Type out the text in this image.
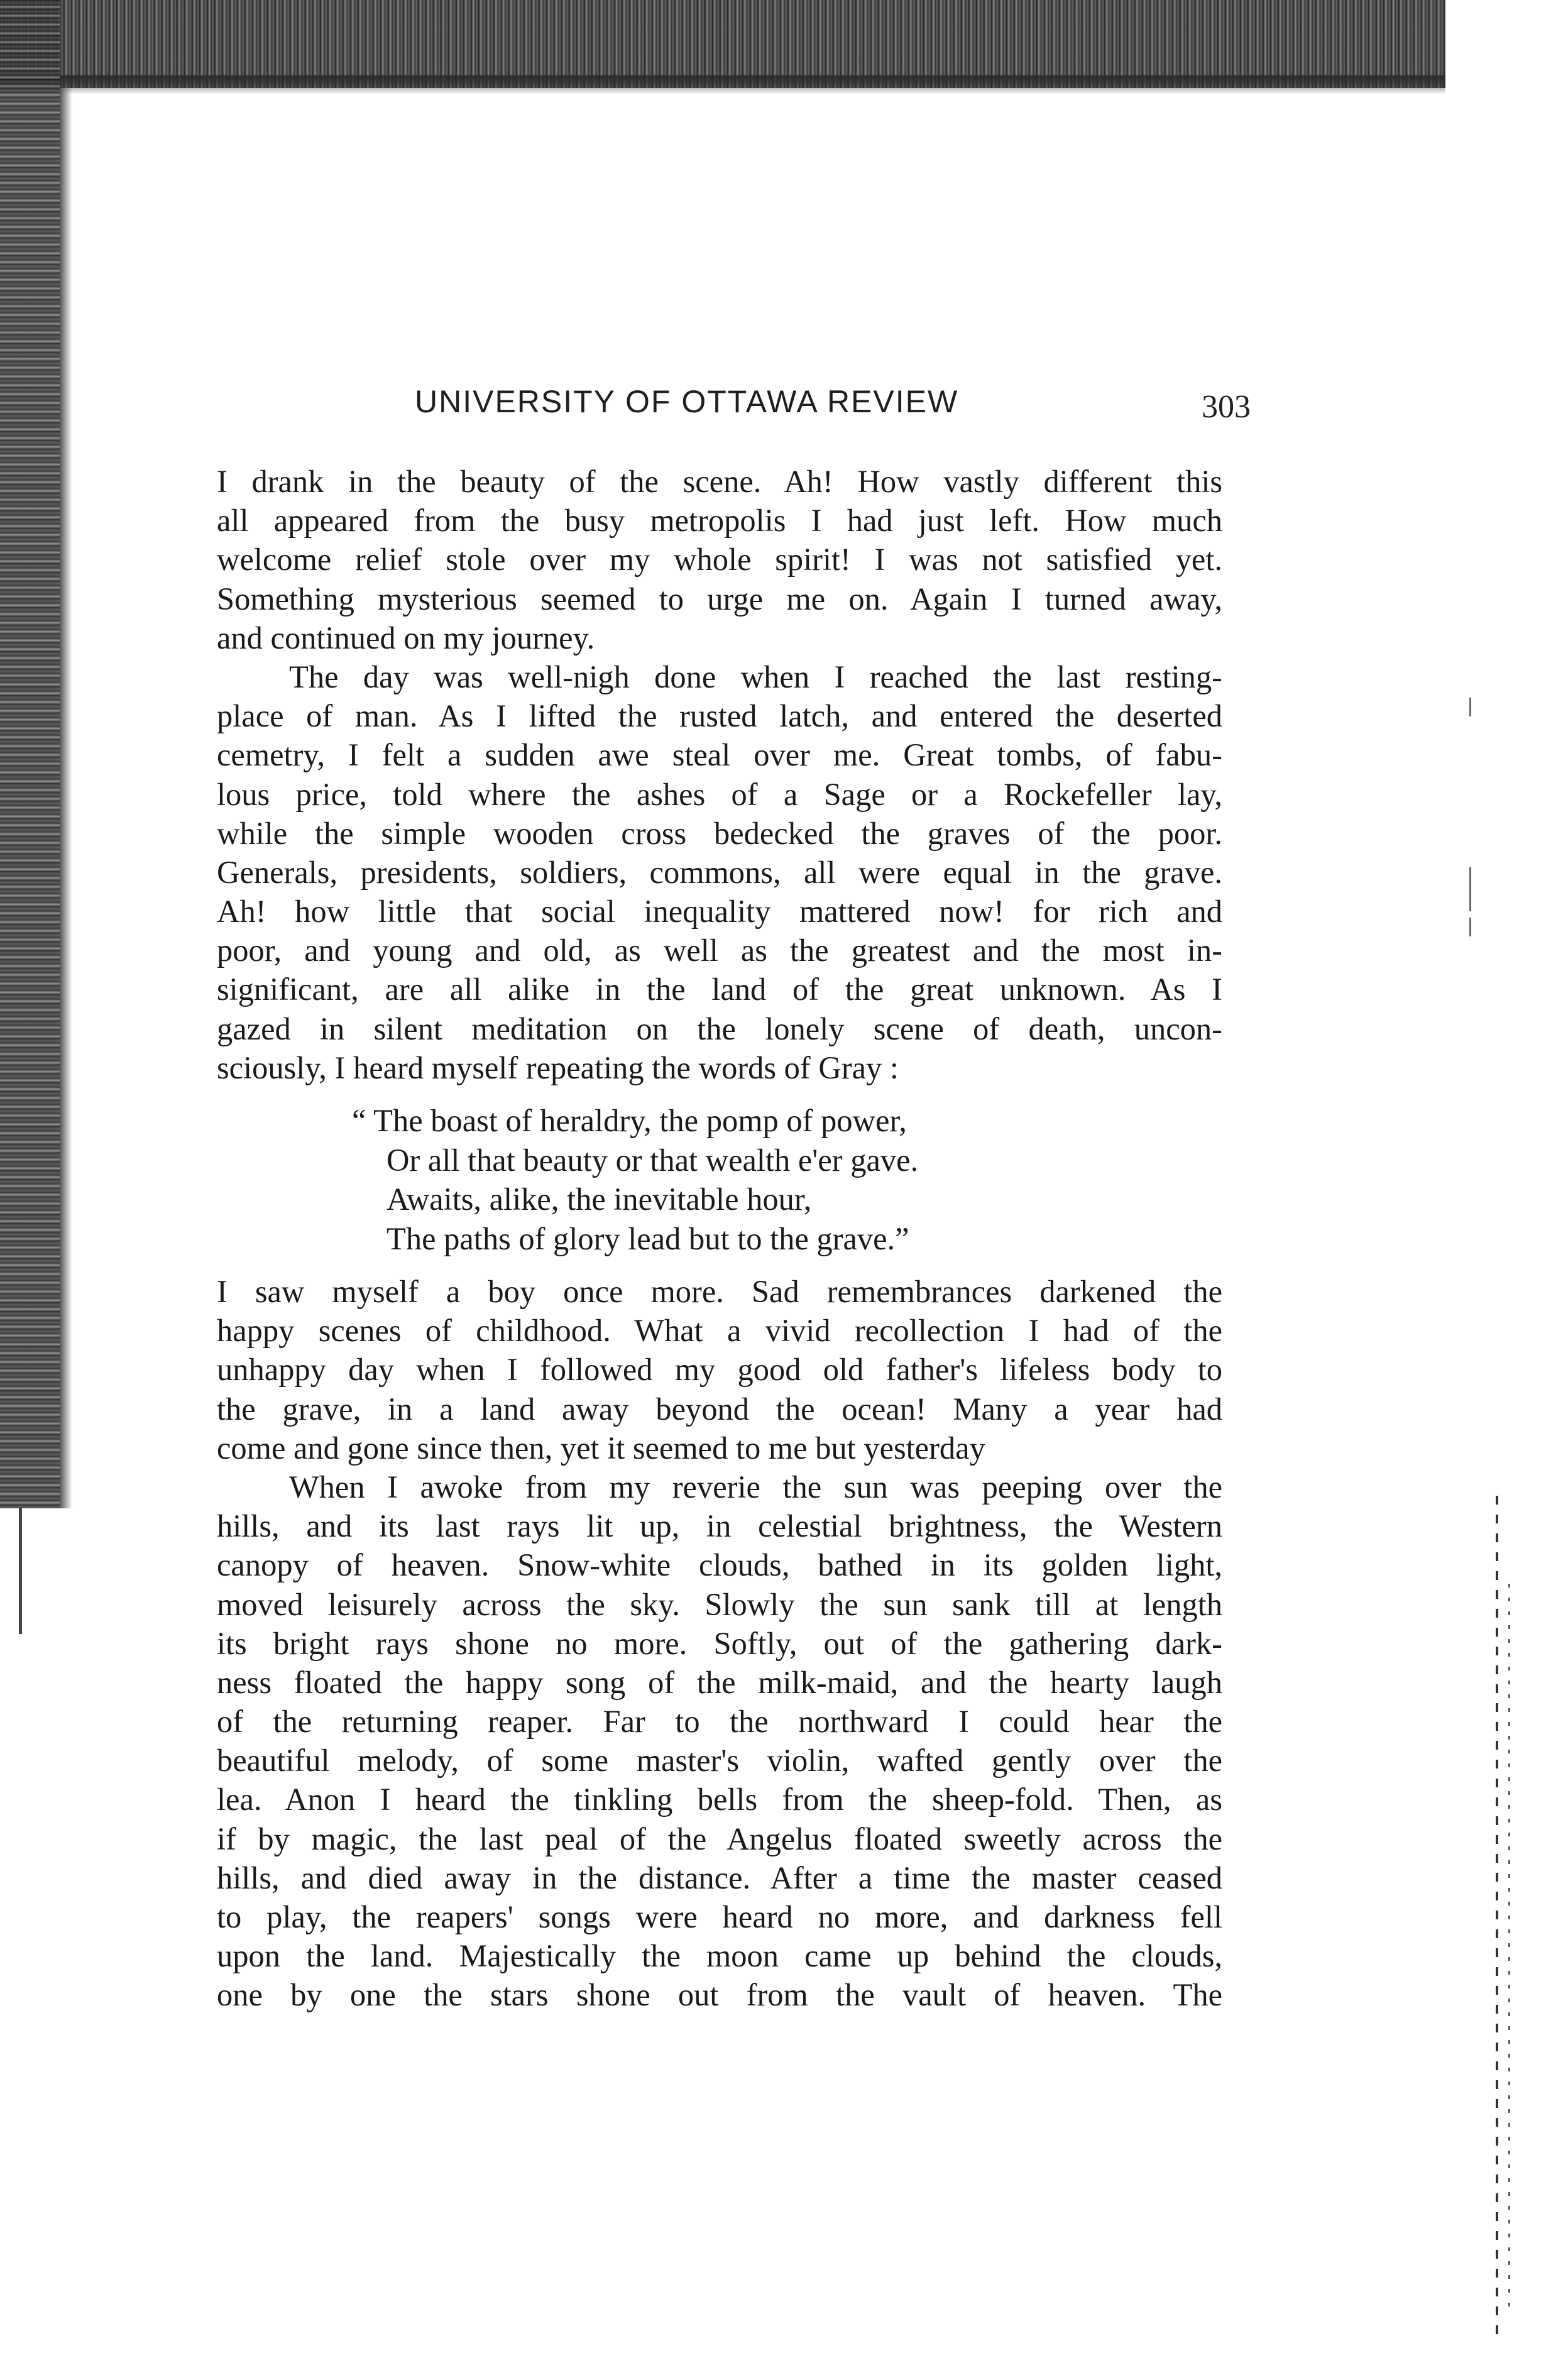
UNIVERSITY OF OTTAWA REVIEW	303
I drank in the beauty of the scene. Ah! How vastly different this
all appeared from the busy metropolis I had just left. How much
welcome relief stole over my whole spirit! I was not satisfied yet.
Something mysterious seemed to urge me on. Again I turned away,
and continued on my journey.
The day was well-nigh done when I reached the last resting-
place of man. As I lifted the rusted latch, and entered the deserted
cemetry, I felt a sudden awe steal over me. Great tombs, of fabu-
lous price, told where the ashes of a Sage or a Rockefeller lay,
while the simple wooden cross bedecked the graves of the poor.
Generals, presidents, soldiers, commons, all were equal in the grave.
Ah! how little that social inequality mattered now! for rich and
poor, and young and old, as well as the greatest and the most in-
significant, are all alike in the land of the great unknown. As I
gazed in silent meditation on the lonely scene of death, uncon-
sciously, I heard myself repeating the words of Gray :
“ The boast of heraldry, the pomp of power,
Or all that beauty or that wealth e'er gave.
Awaits, alike, the inevitable hour,
The paths of glory lead but to the grave.”
I saw myself a boy once more. Sad remembrances darkened the
happy scenes of childhood. What a vivid recollection I had of the
unhappy day when I followed my good old father's lifeless body to
the grave, in a land away beyond the ocean! Many a year had
come and gone since then, yet it seemed to me but yesterday
When I awoke from my reverie the sun was peeping over the
hills, and its last rays lit up, in celestial brightness, the Western
canopy of heaven. Snow-white clouds, bathed in its golden light,
moved leisurely across the sky. Slowly the sun sank till at length
its bright rays shone no more. Softly, out of the gathering dark-
ness floated the happy song of the milk-maid, and the hearty laugh
of the returning reaper. Far to the northward I could hear the
beautiful melody, of some master's violin, wafted gently over the
lea. Anon I heard the tinkling bells from the sheep-fold. Then, as
if by magic, the last peal of the Angelus floated sweetly across the
hills, and died away in the distance. After a time the master ceased
to play, the reapers' songs were heard no more, and darkness fell
upon the land. Majestically the moon came up behind the clouds,
one by one the stars shone out from the vault of heaven. The
